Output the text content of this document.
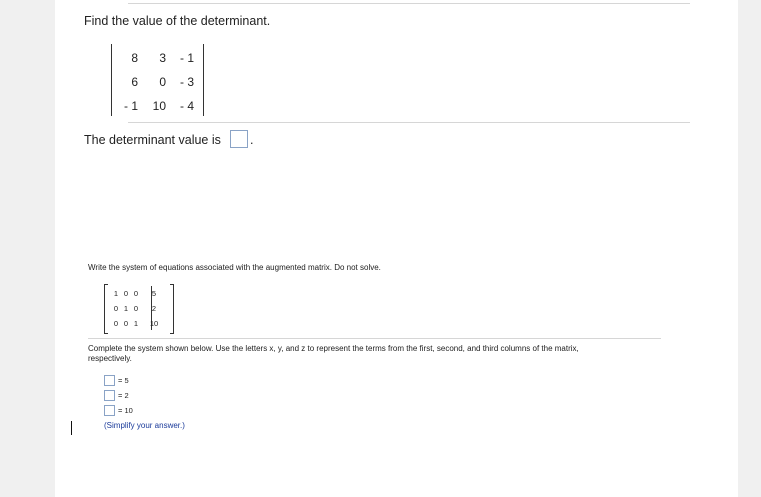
Find the value of the determinant.
8	3	- 1
6	0	- 3
- 1	10	- 4
The determinant value is .
Write the system of equations associated with the augmented matrix. Do not solve.
1	0	0	5
0	1	0	2
0	0	1	10
Complete the system shown below. Use the letters x, y, and z to represent the terms from the first, second, and third columns of the matrix, respectively.
= 5
= 2
= 10
(Simplify your answer.)
